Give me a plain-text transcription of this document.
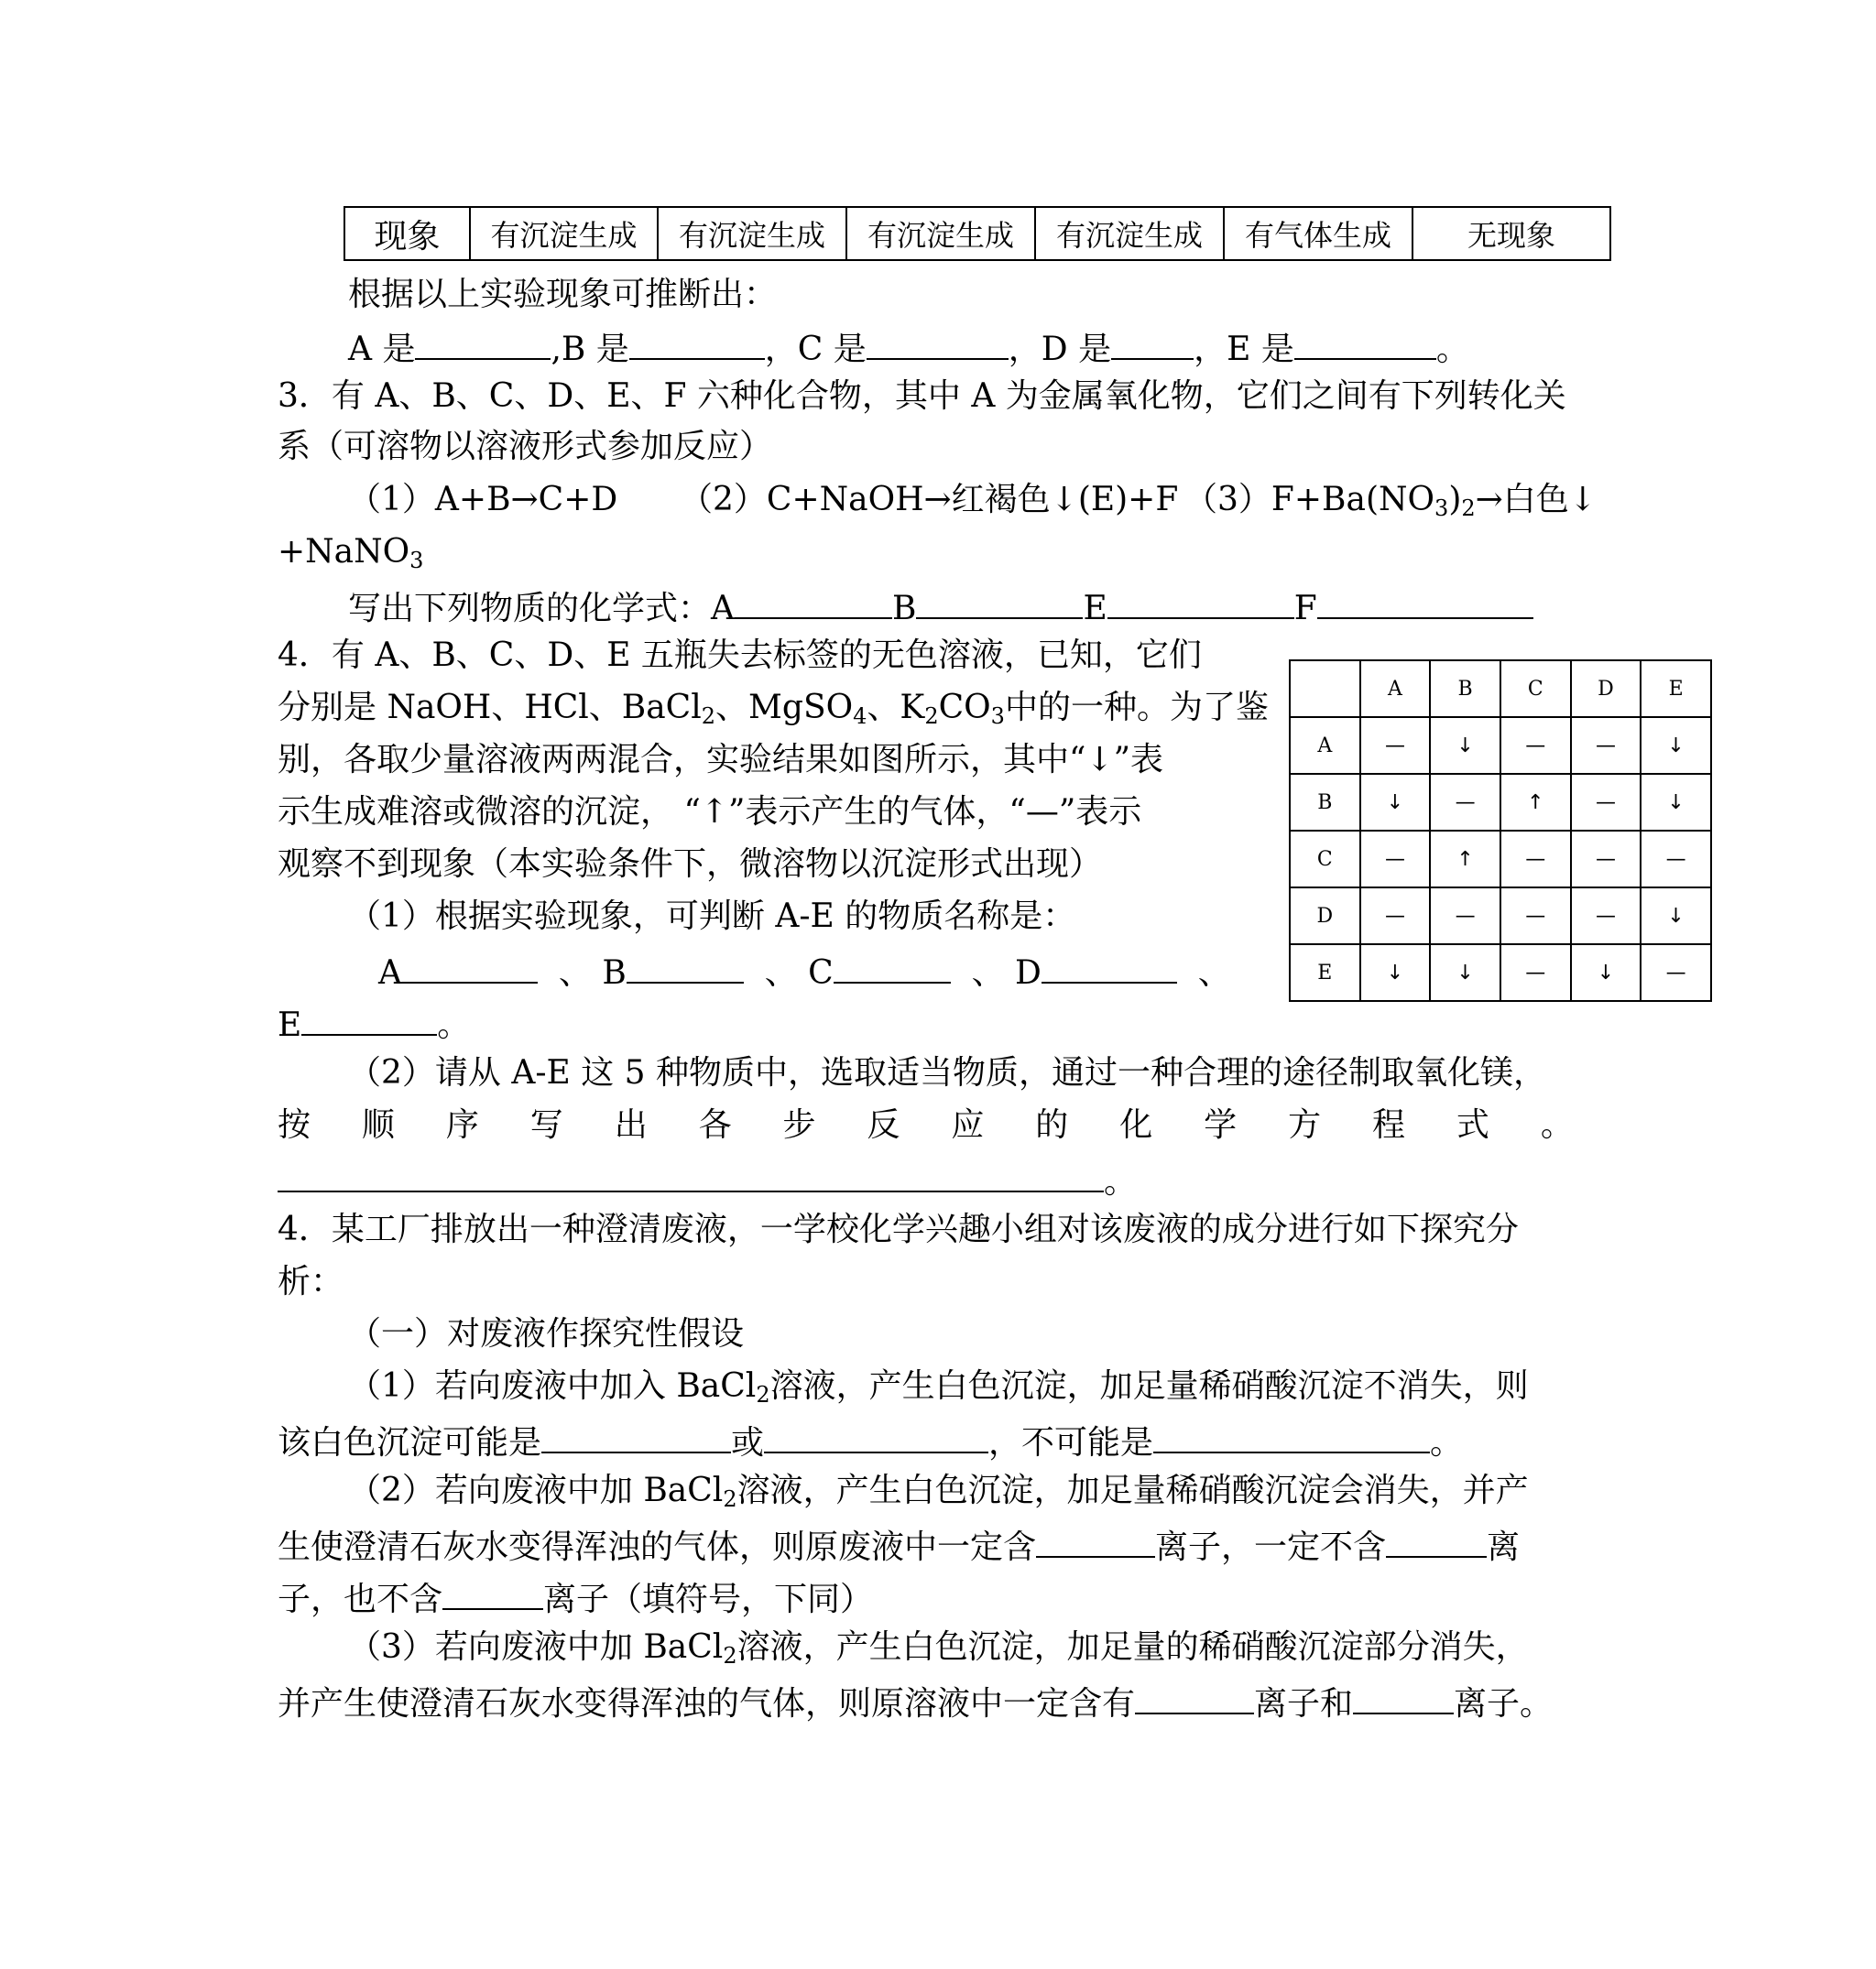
现象	有沉淀生成	有沉淀生成	有沉淀生成	有沉淀生成	有气体生成	无现象
根据以上实验现象可推断出：
A 是	,B 是	，C 是	，D 是	，E 是	。
3．有 A、B、C、D、E、F 六种化合物，其中 A 为金属氧化物，它们之间有下列转化关
系（可溶物以溶液形式参加反应）
（1）A+B→C+D （2）C+NaOH→红褐色↓(E)+F $(3)F+Ba(NO_3)_2\to$白色↓
+NaNO$_3$
写出下列物质的化学式：A	B	E	F
4．有 A、B、C、D、E 五瓶失去标签的无色溶液，已知，它们
分别是 NaOH、HCl、BaCl$_2$、MgSO$_4$、$K_2CO_3$中的一种。为了鉴
别，各取少量溶液两两混合，实验结果如图所示，其中“↓”表
示生成难溶或微溶的沉淀， “↑”表示产生的气体，“—”表示
观察不到现象（本实验条件下，微溶物以沉淀形式出现）
（1）根据实验现象，可判断 A-E 的物质名称是：
A	、 B	、 C	、 D	、
E	。
（2）请从 A-E 这 5 种物质中，选取适当物质，通过一种合理的途径制取氧化镁，
按 顺 序 写 出 各 步 反 应 的 化 学 方 程 式 。
。
	A	B	C	D	E
A	—	↓	—	—	↓
B	↓	—	↑	—	↓
C	—	↑	—	—	—
D	—	—	—	—	↓
E	↓	↓	—	↓	—
4．某工厂排放出一种澄清废液，一学校化学兴趣小组对该废液的成分进行如下探究分
析：
（一）对废液作探究性假设
（1）若向废液中加入 BaCl$_2$溶液，产生白色沉淀，加足量稀硝酸沉淀不消失，则
该白色沉淀可能是	或	，不可能是	。
（2）若向废液中加 BaCl$_2$溶液，产生白色沉淀，加足量稀硝酸沉淀会消失，并产
生使澄清石灰水变得浑浊的气体，则原废液中一定含	离子，一定不含	离
子，也不含	离子（填符号，下同）
（3）若向废液中加 BaCl$_2$溶液，产生白色沉淀，加足量的稀硝酸沉淀部分消失，
并产生使澄清石灰水变得浑浊的气体，则原溶液中一定含有	离子和	离子。
